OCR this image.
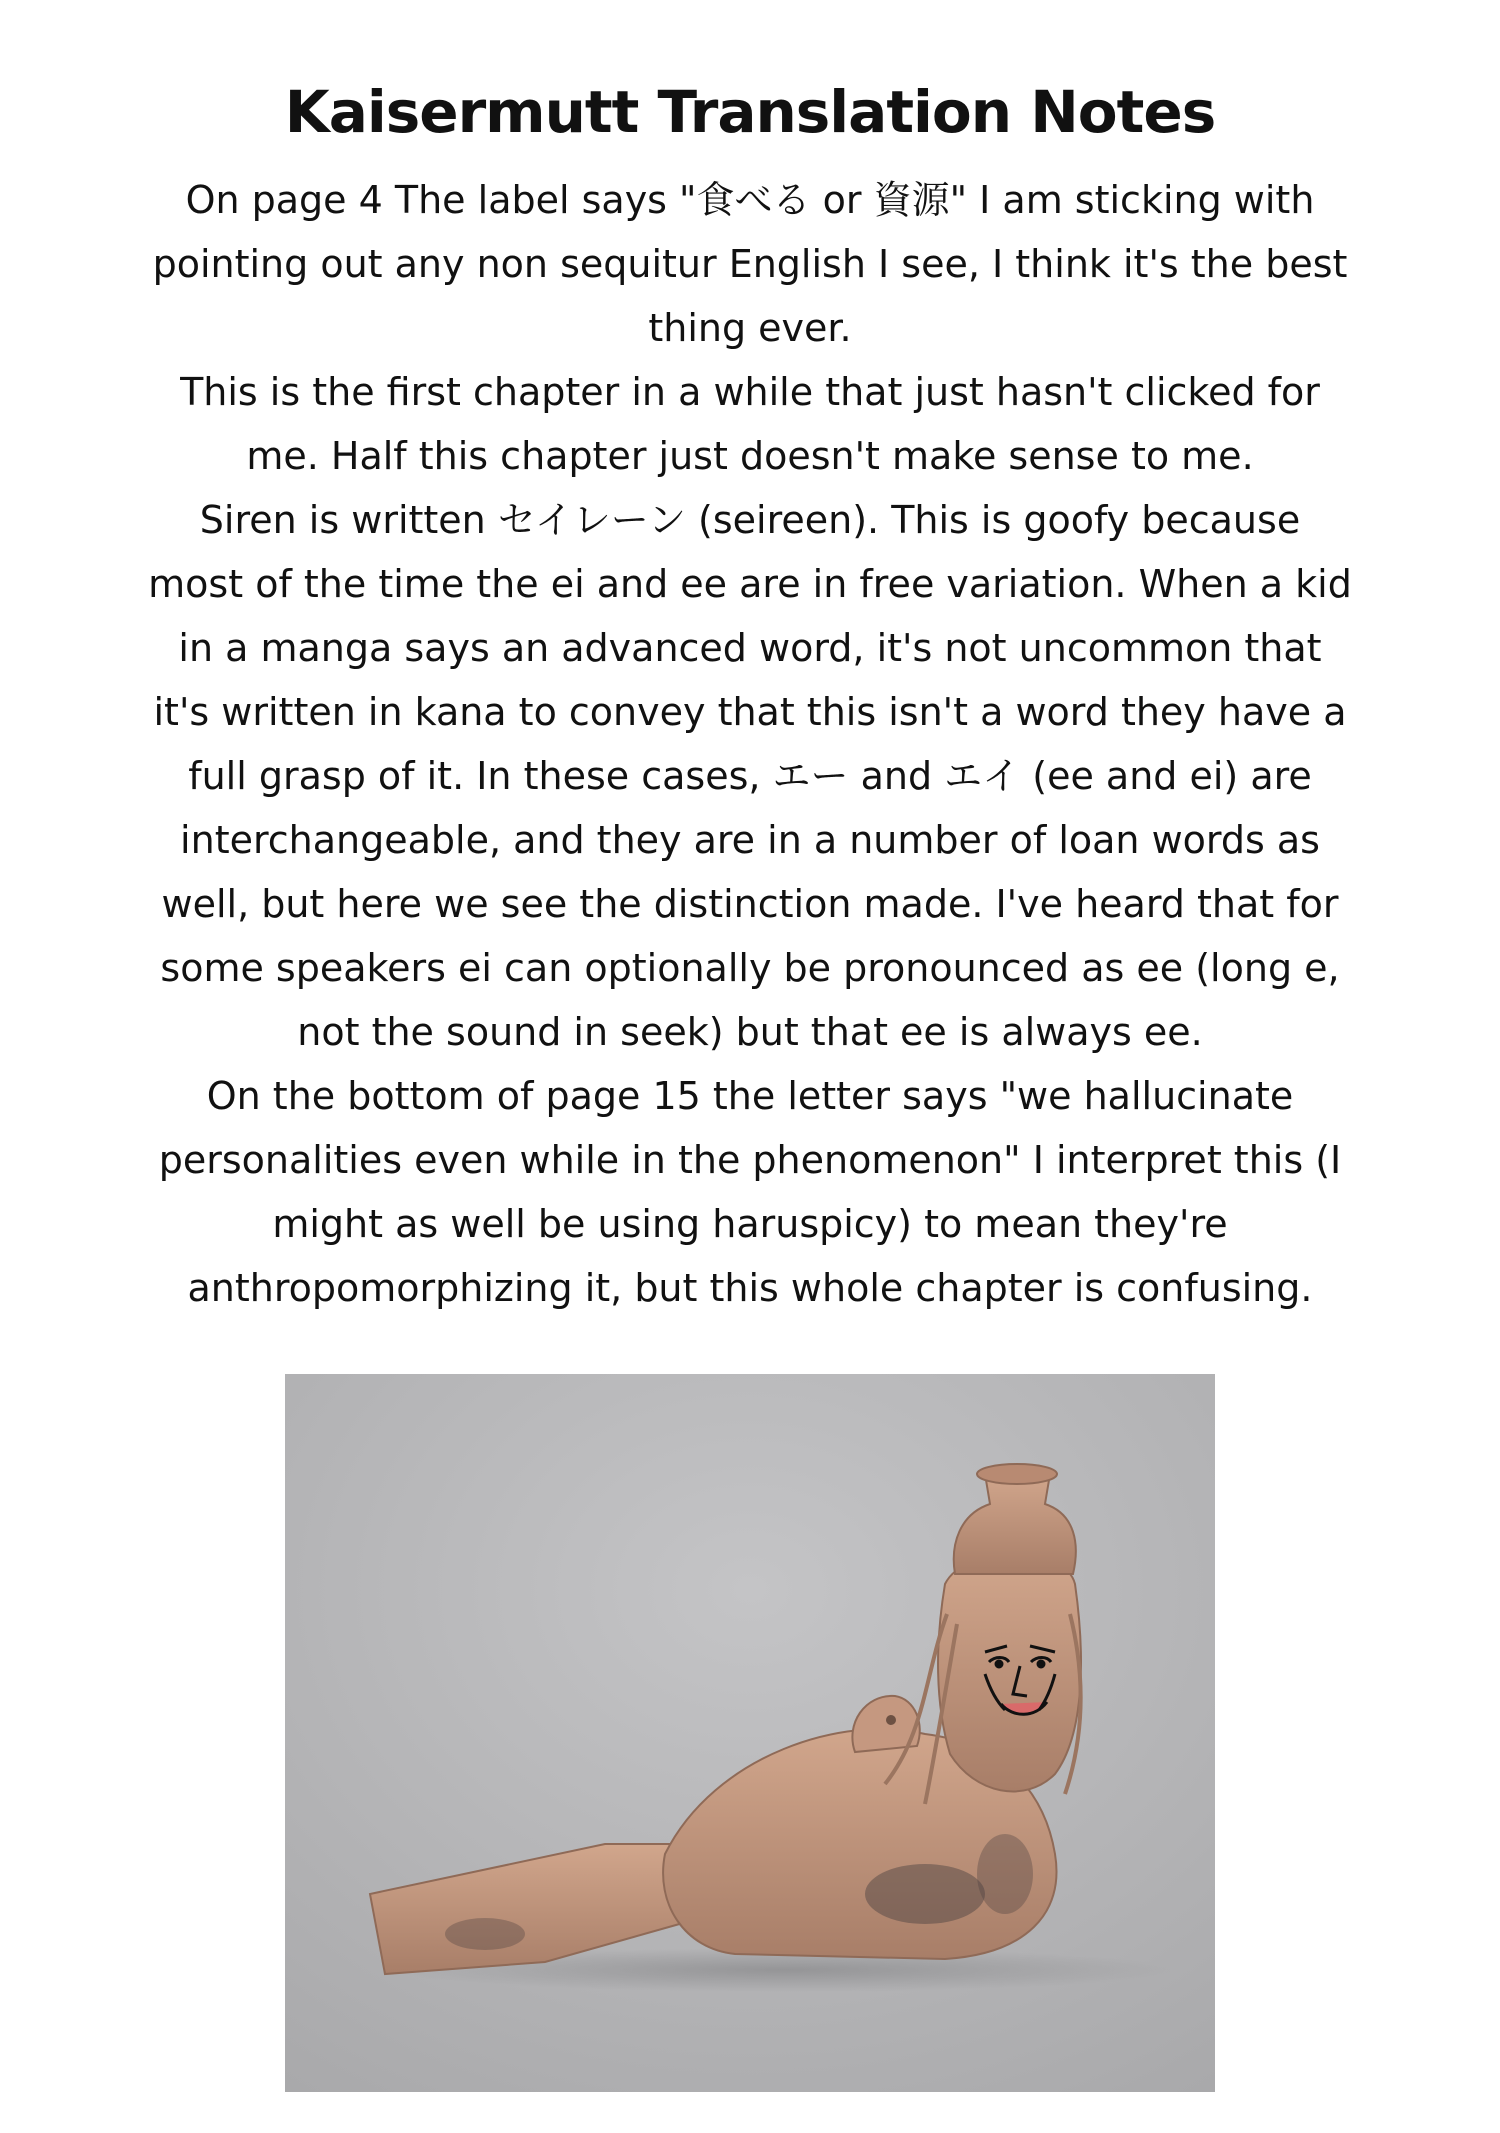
Kaisermutt Translation Notes
On page 4 The label says "食べる or 資源" I am sticking with
pointing out any non sequitur English I see, I think it's the best
thing ever.
This is the first chapter in a while that just hasn't clicked for
me. Half this chapter just doesn't make sense to me.
Siren is written セイレーン (seireen). This is goofy because
most of the time the ei and ee are in free variation. When a kid
in a manga says an advanced word, it's not uncommon that
it's written in kana to convey that this isn't a word they have a
full grasp of it. In these cases, エー and エイ (ee and ei) are
interchangeable, and they are in a number of loan words as
well, but here we see the distinction made. I've heard that for
some speakers ei can optionally be pronounced as ee (long e,
not the sound in seek) but that ee is always ee.
On the bottom of page 15 the letter says "we hallucinate
personalities even while in the phenomenon" I interpret this (I
might as well be using haruspicy) to mean they're
anthropomorphizing it, but this whole chapter is confusing.
